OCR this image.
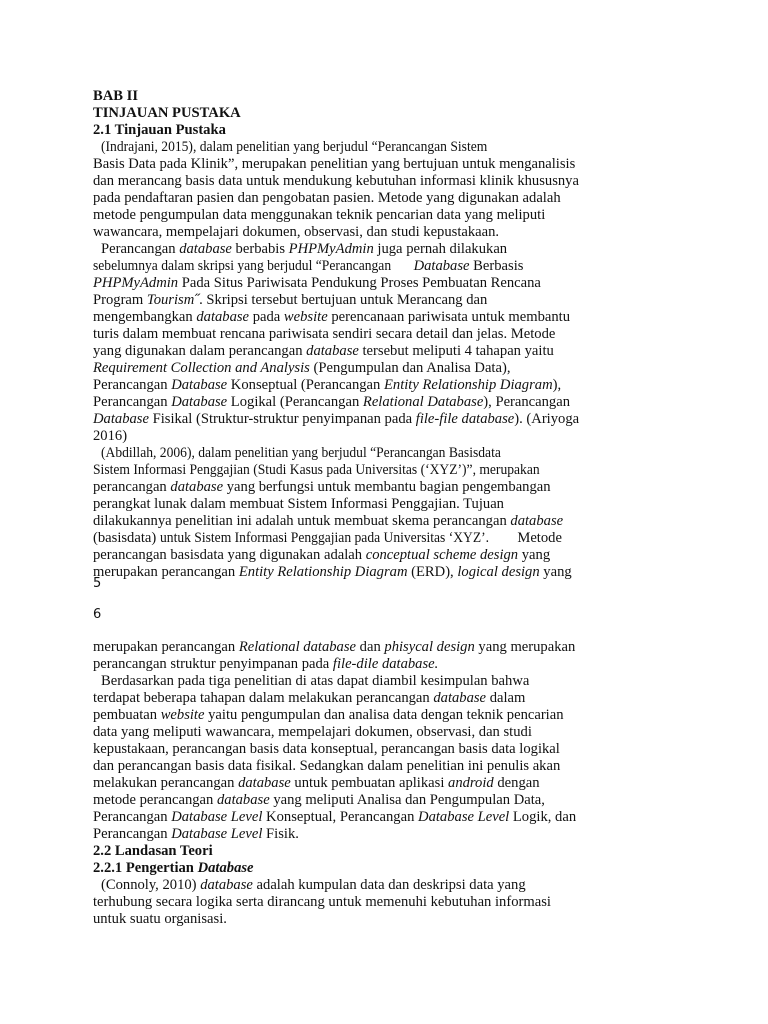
BAB II

TINJAUAN PUSTAKA

2.1 Tinjauan Pustaka

(Indrajani, 2015), dalam penelitian yang berjudul “Perancangan Sistem

Basis Data pada Klinik”, merupakan penelitian yang bertujuan untuk menganalisis

dan merancang basis data untuk mendukung kebutuhan informasi klinik khususnya

pada pendaftaran pasien dan pengobatan pasien. Metode yang digunakan adalah

metode pengumpulan data menggunakan teknik pencarian data yang meliputi

wawancara, mempelajari dokumen, observasi, dan studi kepustakaan.

Perancangan database berbabis PHPMyAdmin juga pernah dilakukan

sebelumnya dalam skripsi yang berjudul “PerancanganDatabase Berbasis

PHPMyAdmin Pada Situs Pariwisata Pendukung Proses Pembuatan Rencana

Program Tourism˝. Skripsi tersebut bertujuan untuk Merancang dan

mengembangkan database pada website perencanaan pariwisata untuk membantu

turis dalam membuat rencana pariwisata sendiri secara detail dan jelas. Metode

yang digunakan dalam perancangan database tersebut meliputi 4 tahapan yaitu

Requirement Collection and Analysis (Pengumpulan dan Analisa Data),

Perancangan Database Konseptual (Perancangan Entity Relationship Diagram),

Perancangan Database Logikal (Perancangan Relational Database), Perancangan

Database Fisikal (Struktur-struktur penyimpanan pada file-file database). (Ariyoga

2016)

(Abdillah, 2006), dalam penelitian yang berjudul “Perancangan Basisdata

Sistem Informasi Penggajian (Studi Kasus pada Universitas (‘XYZ’)”, merupakan

perancangan database yang berfungsi untuk membantu bagian pengembangan

perangkat lunak dalam membuat Sistem Informasi Penggajian. Tujuan

dilakukannya penelitian ini adalah untuk membuat skema perancangan database

(basisdata) untuk Sistem Informasi Penggajian pada Universitas ‘XYZ’. Metode

perancangan basisdata yang digunakan adalah conceptual scheme design yang

merupakan perancangan Entity Relationship Diagram (ERD), logical design yang

5
6

merupakan perancangan Relational database dan phisycal design yang merupakan

perancangan struktur penyimpanan pada file-dile database.

Berdasarkan pada tiga penelitian di atas dapat diambil kesimpulan bahwa

terdapat beberapa tahapan dalam melakukan perancangan database dalam

pembuatan website yaitu pengumpulan dan analisa data dengan teknik pencarian

data yang meliputi wawancara, mempelajari dokumen, observasi, dan studi

kepustakaan, perancangan basis data konseptual, perancangan basis data logikal

dan perancangan basis data fisikal. Sedangkan dalam penelitian ini penulis akan

melakukan perancangan database untuk pembuatan aplikasi android dengan

metode perancangan database yang meliputi Analisa dan Pengumpulan Data,

Perancangan Database Level Konseptual, Perancangan Database Level Logik, dan

Perancangan Database Level Fisik.

2.2 Landasan Teori

2.2.1 Pengertian Database

(Connoly, 2010) database adalah kumpulan data dan deskripsi data yang

terhubung secara logika serta dirancang untuk memenuhi kebutuhan informasi

untuk suatu organisasi.
